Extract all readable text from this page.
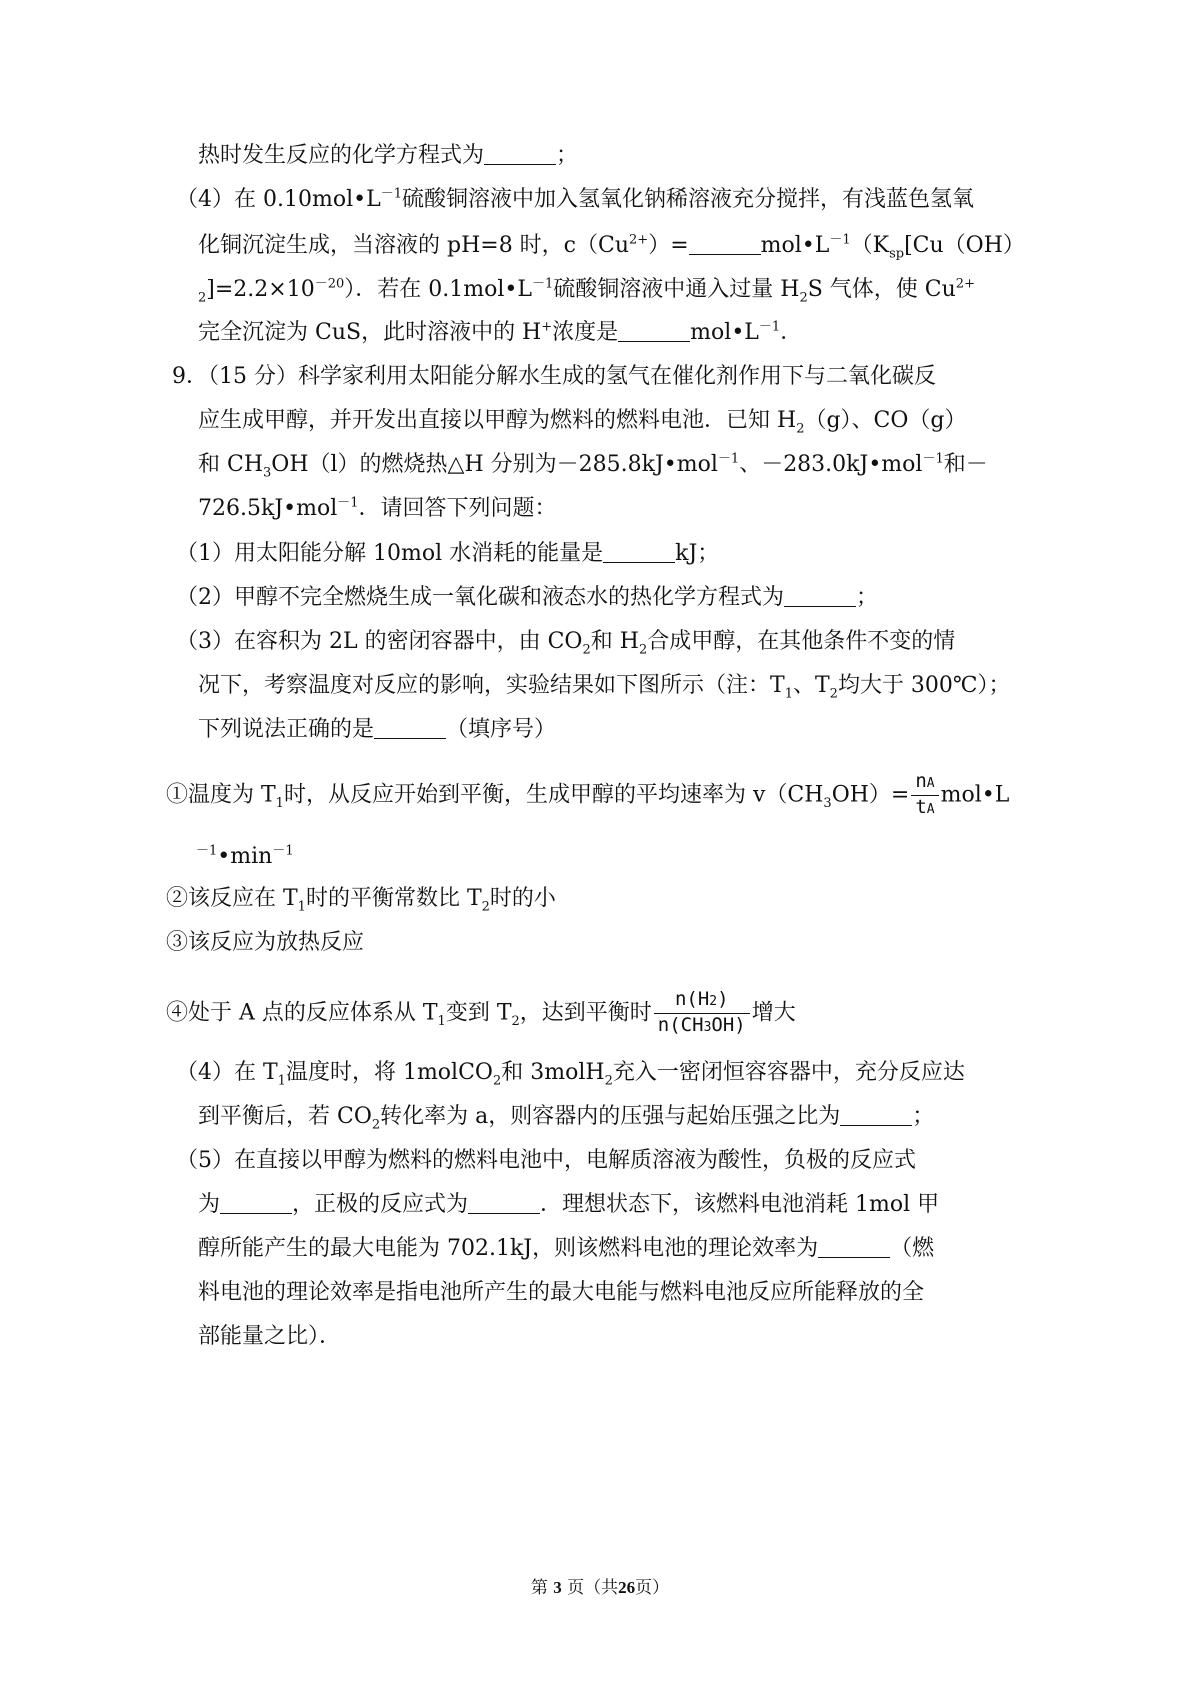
热时发生反应的化学方程式为	；
（4）在 $0.10mol•L^{-1}$硫酸铜溶液中加入氢氧化钠稀溶液充分搅拌，有浅蓝色氢氧
化铜沉淀生成，当溶液的 pH=8 时，$c(Cu^{2+})=$	$mol•L^{-1}(K_{sp}[Cu(OH)$
$_2]=2.2\times 10^{-20}$）．若在 $0.1mol•L^{-1}$硫酸铜溶液中通入过量 $H_2S$ 气体，使 $Cu^{2+}$
完全沉淀为 CuS，此时溶液中的 H+浓度是	$mol•L^{-1}$．
9．（15 分）科学家利用太阳能分解水生成的氢气在催化剂作用下与二氧化碳反
应生成甲醇，并开发出直接以甲醇为燃料的燃料电池．已知 $H_2(g)$、CO（g）
和 $CH_3OH(l)$的燃烧热△H 分别为－285.8kJ•mol$^{-1}$、－283.0kJ•mol$^{-1}$和－
726.5kJ•mol$^{-1}$．请回答下列问题：
（1）用太阳能分解 10mol 水消耗的能量是	kJ；
（2）甲醇不完全燃烧生成一氧化碳和液态水的热化学方程式为	；
（3）在容积为 2L 的密闭容器中，由 $CO_2$和 $H_2$合成甲醇，在其他条件不变的情
况下，考察温度对反应的影响，实验结果如下图所示（注：$T_1$、$T_2$均大于 300℃）；
下列说法正确的是	（填序号）
①温度为 $T_1$时，从反应开始到平衡，生成甲醇的平均速率为 $v(CH_3OH)= \frac{nA}{tA}$ mol•L
$^{-1}•\min^{-1}$
②该反应在 $T_1$时的平衡常数比 $T_2$时的小
③该反应为放热反应
④处于 A 点的反应体系从 $T_1$变到 $T_2$，达到平衡时 $\frac{n(H2)}{n(CH3OH)}$ 增大
（4）在 $T_1$温度时，将 1molCO$_2$和 3molH$_2$充入一密闭恒容容器中，充分反应达
到平衡后，若 $CO_2$转化率为 a，则容器内的压强与起始压强之比为	；
（5）在直接以甲醇为燃料的燃料电池中，电解质溶液为酸性，负极的反应式
为	，正极的反应式为	．理想状态下，该燃料电池消耗 1mol 甲
醇所能产生的最大电能为 702.1kJ，则该燃料电池的理论效率为	（燃
料电池的理论效率是指电池所产生的最大电能与燃料电池反应所能释放的全
部能量之比）．
第 3 页（共26页）
